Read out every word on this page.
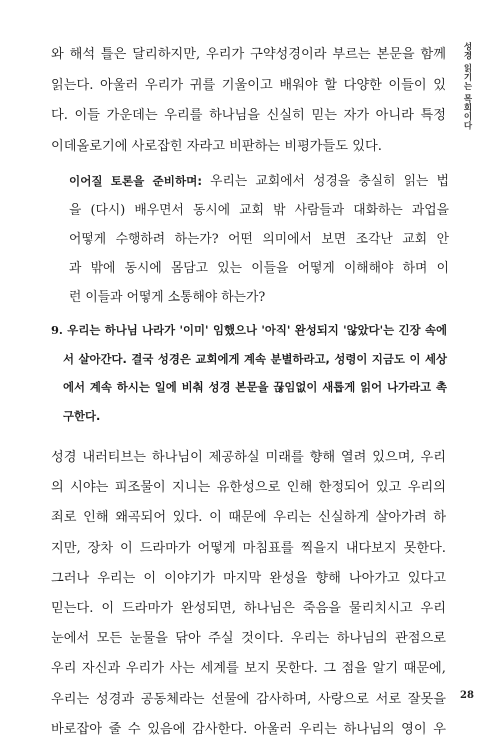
성경 읽기는 목회이다
와 해석 틀은 달리하지만, 우리가 구약성경이라 부르는 본문을 함께
읽는다. 아울러 우리가 귀를 기울이고 배워야 할 다양한 이들이 있
다. 이들 가운데는 우리를 하나님을 신실히 믿는 자가 아니라 특정
이데올로기에 사로잡힌 자라고 비판하는 비평가들도 있다.
이어질 토론을 준비하며: 우리는 교회에서 성경을 충실히 읽는 법
을 (다시) 배우면서 동시에 교회 밖 사람들과 대화하는 과업을
어떻게 수행하려 하는가? 어떤 의미에서 보면 조각난 교회 안
과 밖에 동시에 몸담고 있는 이들을 어떻게 이해해야 하며 이
런 이들과 어떻게 소통해야 하는가?
9. 우리는 하나님 나라가 '이미' 임했으나 '아직' 완성되지 '않았다'는 긴장 속에
서 살아간다. 결국 성경은 교회에게 계속 분별하라고, 성령이 지금도 이 세상
에서 계속 하시는 일에 비춰 성경 본문을 끊임없이 새롭게 읽어 나가라고 촉
구한다.
성경 내러티브는 하나님이 제공하실 미래를 향해 열려 있으며, 우리
의 시야는 피조물이 지니는 유한성으로 인해 한정되어 있고 우리의
죄로 인해 왜곡되어 있다. 이 때문에 우리는 신실하게 살아가려 하
지만, 장차 이 드라마가 어떻게 마침표를 찍을지 내다보지 못한다.
그러나 우리는 이 이야기가 마지막 완성을 향해 나아가고 있다고
믿는다. 이 드라마가 완성되면, 하나님은 죽음을 물리치시고 우리
눈에서 모든 눈물을 닦아 주실 것이다. 우리는 하나님의 관점으로
우리 자신과 우리가 사는 세계를 보지 못한다. 그 점을 알기 때문에,
우리는 성경과 공동체라는 선물에 감사하며, 사랑으로 서로 잘못을
바로잡아 줄 수 있음에 감사한다. 아울러 우리는 하나님의 영이 우
28
